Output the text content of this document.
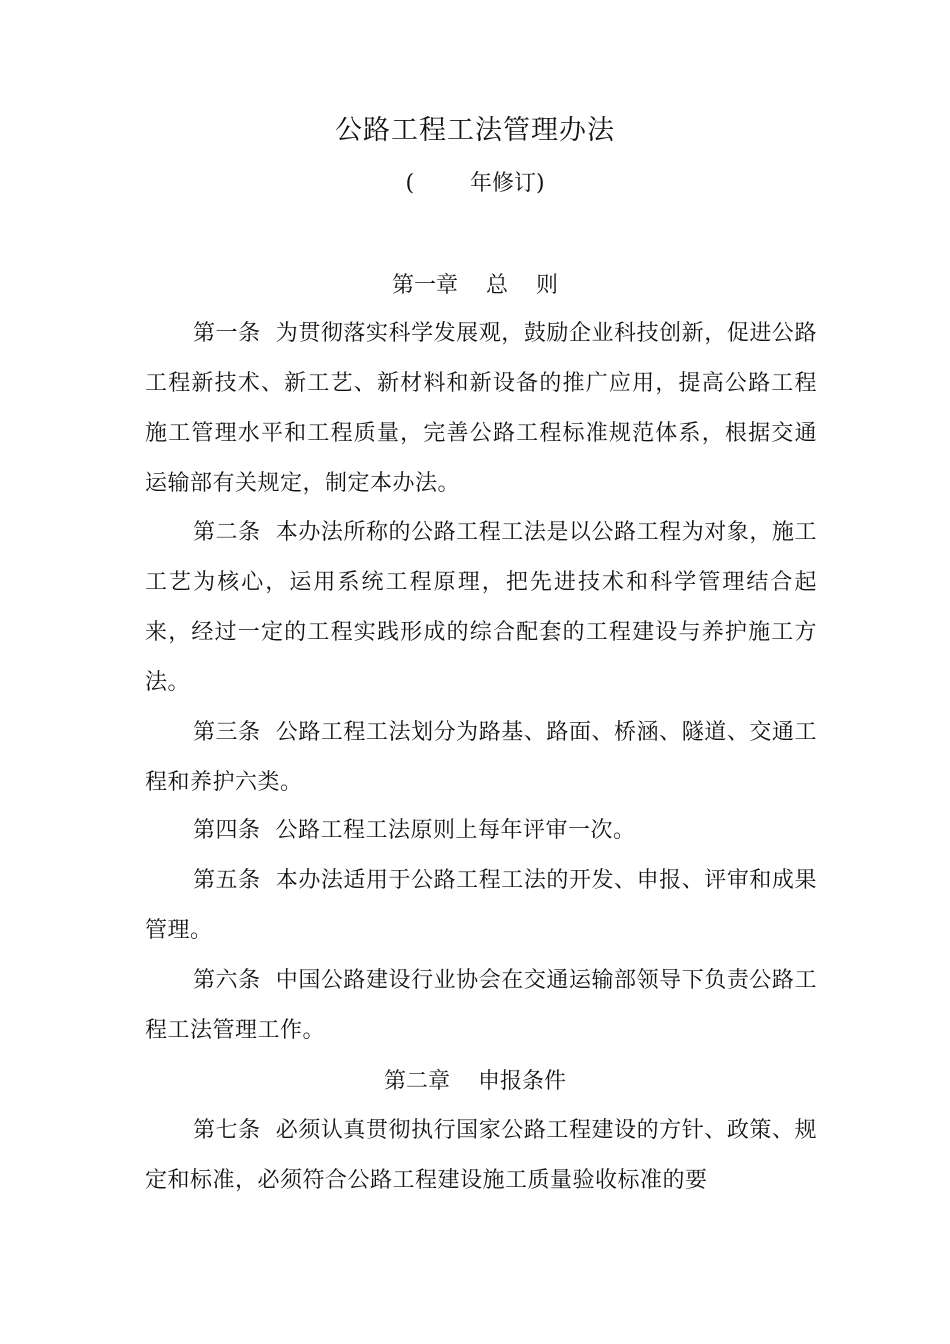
公路工程工法管理办法
(        年修订)
第一章    总    则
第一条 为贯彻落实科学发展观，鼓励企业科技创新，促进公路工程新技术、新工艺、新材料和新设备的推广应用，提高公路工程施工管理水平和工程质量，完善公路工程标准规范体系，根据交通运输部有关规定，制定本办法。
第二条 本办法所称的公路工程工法是以公路工程为对象，施工工艺为核心，运用系统工程原理，把先进技术和科学管理结合起来，经过一定的工程实践形成的综合配套的工程建设与养护施工方法。
第三条 公路工程工法划分为路基、路面、桥涵、隧道、交通工程和养护六类。
第四条 公路工程工法原则上每年评审一次。
第五条 本办法适用于公路工程工法的开发、申报、评审和成果管理。
第六条 中国公路建设行业协会在交通运输部领导下负责公路工程工法管理工作。
第二章    申报条件
第七条 必须认真贯彻执行国家公路工程建设的方针、政策、规定和标准，必须符合公路工程建设施工质量验收标准的要
